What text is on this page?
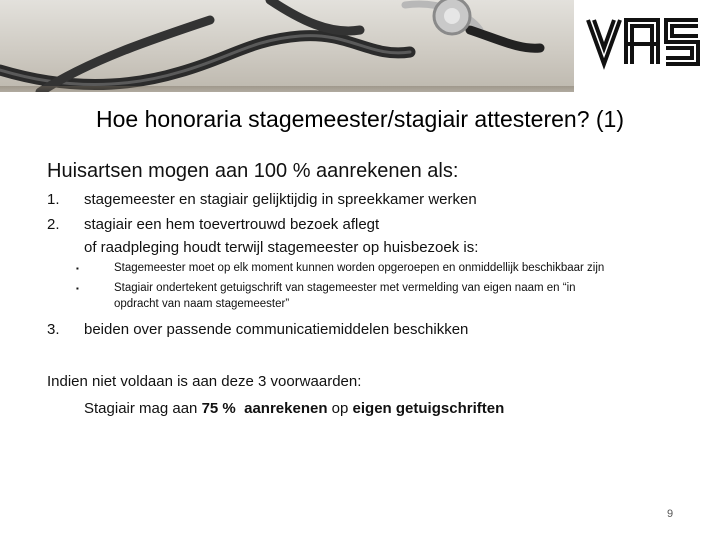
Hoe honoraria stagemeester/stagiair attesteren? (1)

Huisartsen mogen aan 100 % aanrekenen als:

1. stagemeester en stagiair gelijktijdig in spreekkamer werken
2. stagiair een hem toevertrouwd bezoek aflegt
of raadpleging houdt terwijl stagemeester op huisbezoek is:
▪	Stagemeester moet op elk moment kunnen worden opgeroepen en onmiddellijk beschikbaar zijn
▪	Stagiair ondertekent getuigschrift van stagemeester met vermelding van eigen naam en “in
opdracht van naam stagemeester”
3. beiden over passende communicatiemiddelen beschikken

Indien niet voldaan is aan deze 3 voorwaarden:

Stagiair mag aan 75 % aanrekenen op eigen getuigschriften

9
